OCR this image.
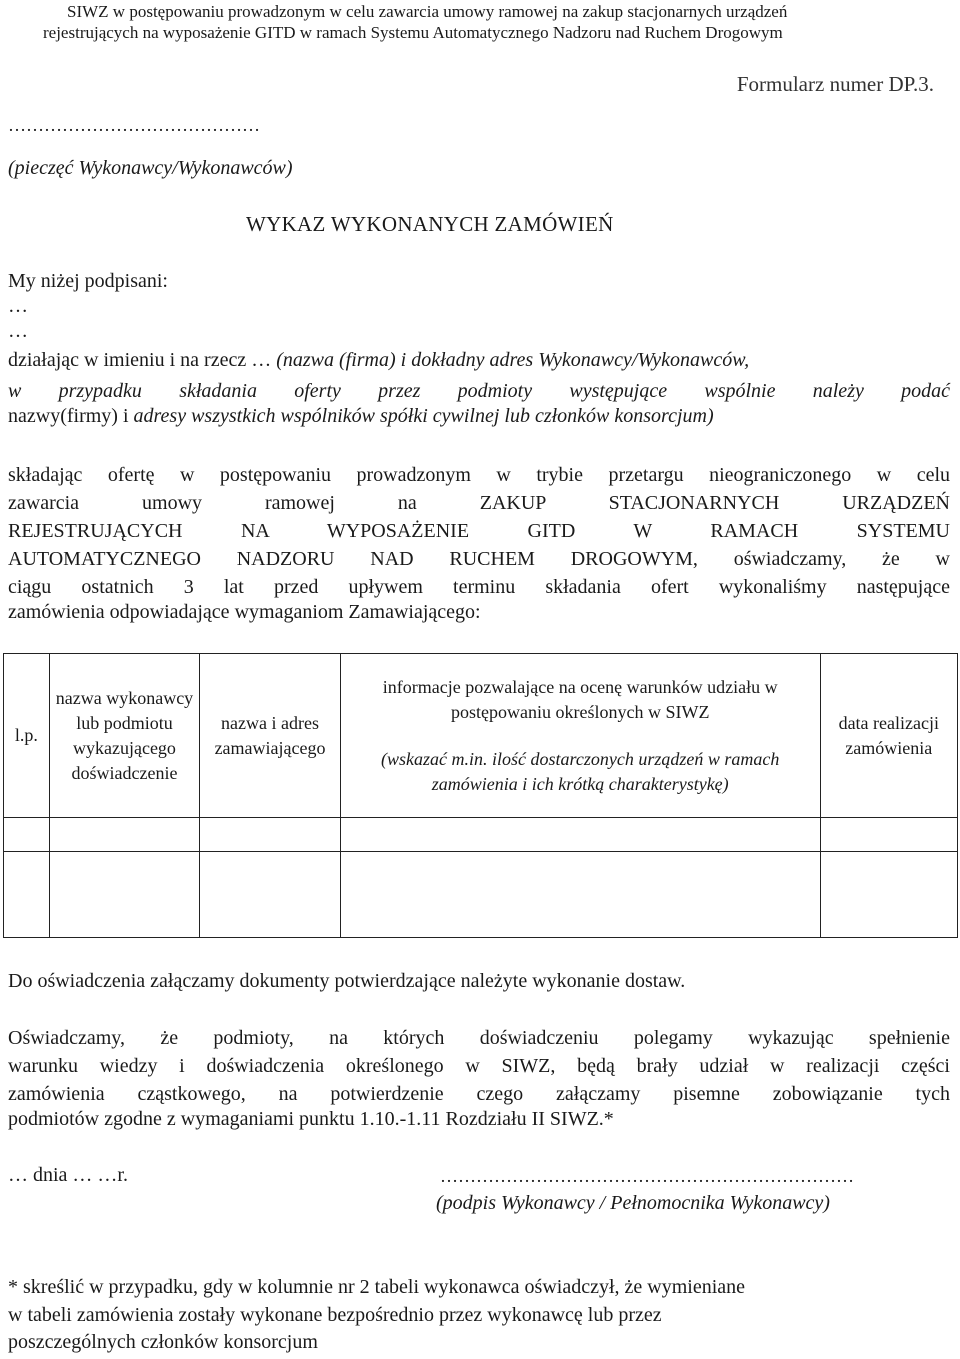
SIWZ w postępowaniu prowadzonym w celu zawarcia umowy ramowej na zakup stacjonarnych urządzeń
rejestrujących na wyposażenie GITD w ramach Systemu Automatycznego Nadzoru nad Ruchem Drogowym
Formularz numer DP.3.
……………………………………
(pieczęć Wykonawcy/Wykonawców)
WYKAZ WYKONANYCH ZAMÓWIEŃ
My niżej podpisani:
…
…
działając w imieniu i na rzecz … (nazwa (firma) i dokładny adres Wykonawcy/Wykonawców,
w przypadku składania oferty przez podmioty występujące wspólnie należy podać
nazwy(firmy) i adresy wszystkich wspólników spółki cywilnej lub członków konsorcjum)
składając ofertę w postępowaniu prowadzonym w trybie przetargu nieograniczonego w celu
zawarcia umowy ramowej na ZAKUP STACJONARNYCH URZĄDZEŃ
REJESTRUJĄCYCH NA WYPOSAŻENIE GITD W RAMACH SYSTEMU
AUTOMATYCZNEGO NADZORU NAD RUCHEM DROGOWYM, oświadczamy, że w
ciągu ostatnich 3 lat przed upływem terminu składania ofert wykonaliśmy następujące
zamówienia odpowiadające wymaganiom Zamawiającego:
l.p.	nazwa wykonawcy lub podmiotu wykazującego doświadczenie	nazwa i adres zamawiającego	informacje pozwalające na ocenę warunków udziału w postępowaniu określonych w SIWZ
(wskazać m.in. ilość dostarczonych urządzeń w ramach zamówienia i ich krótką charakterystykę)	data realizacji zamówienia

Do oświadczenia załączamy dokumenty potwierdzające należyte wykonanie dostaw.
Oświadczamy, że podmioty, na których doświadczeniu polegamy wykazując spełnienie
warunku wiedzy i doświadczenia określonego w SIWZ, będą brały udział w realizacji części
zamówienia cząstkowego, na potwierdzenie czego załączamy pisemne zobowiązanie tych
podmiotów zgodne z wymaganiami punktu 1.10.-1.11 Rozdziału II SIWZ.*
… dnia … …r.	……………………………………………………………
(podpis Wykonawcy / Pełnomocnika Wykonawcy)
* skreślić w przypadku, gdy w kolumnie nr 2 tabeli wykonawca oświadczył, że wymieniane
w tabeli zamówienia zostały wykonane bezpośrednio przez wykonawcę lub przez
poszczególnych członków konsorcjum
